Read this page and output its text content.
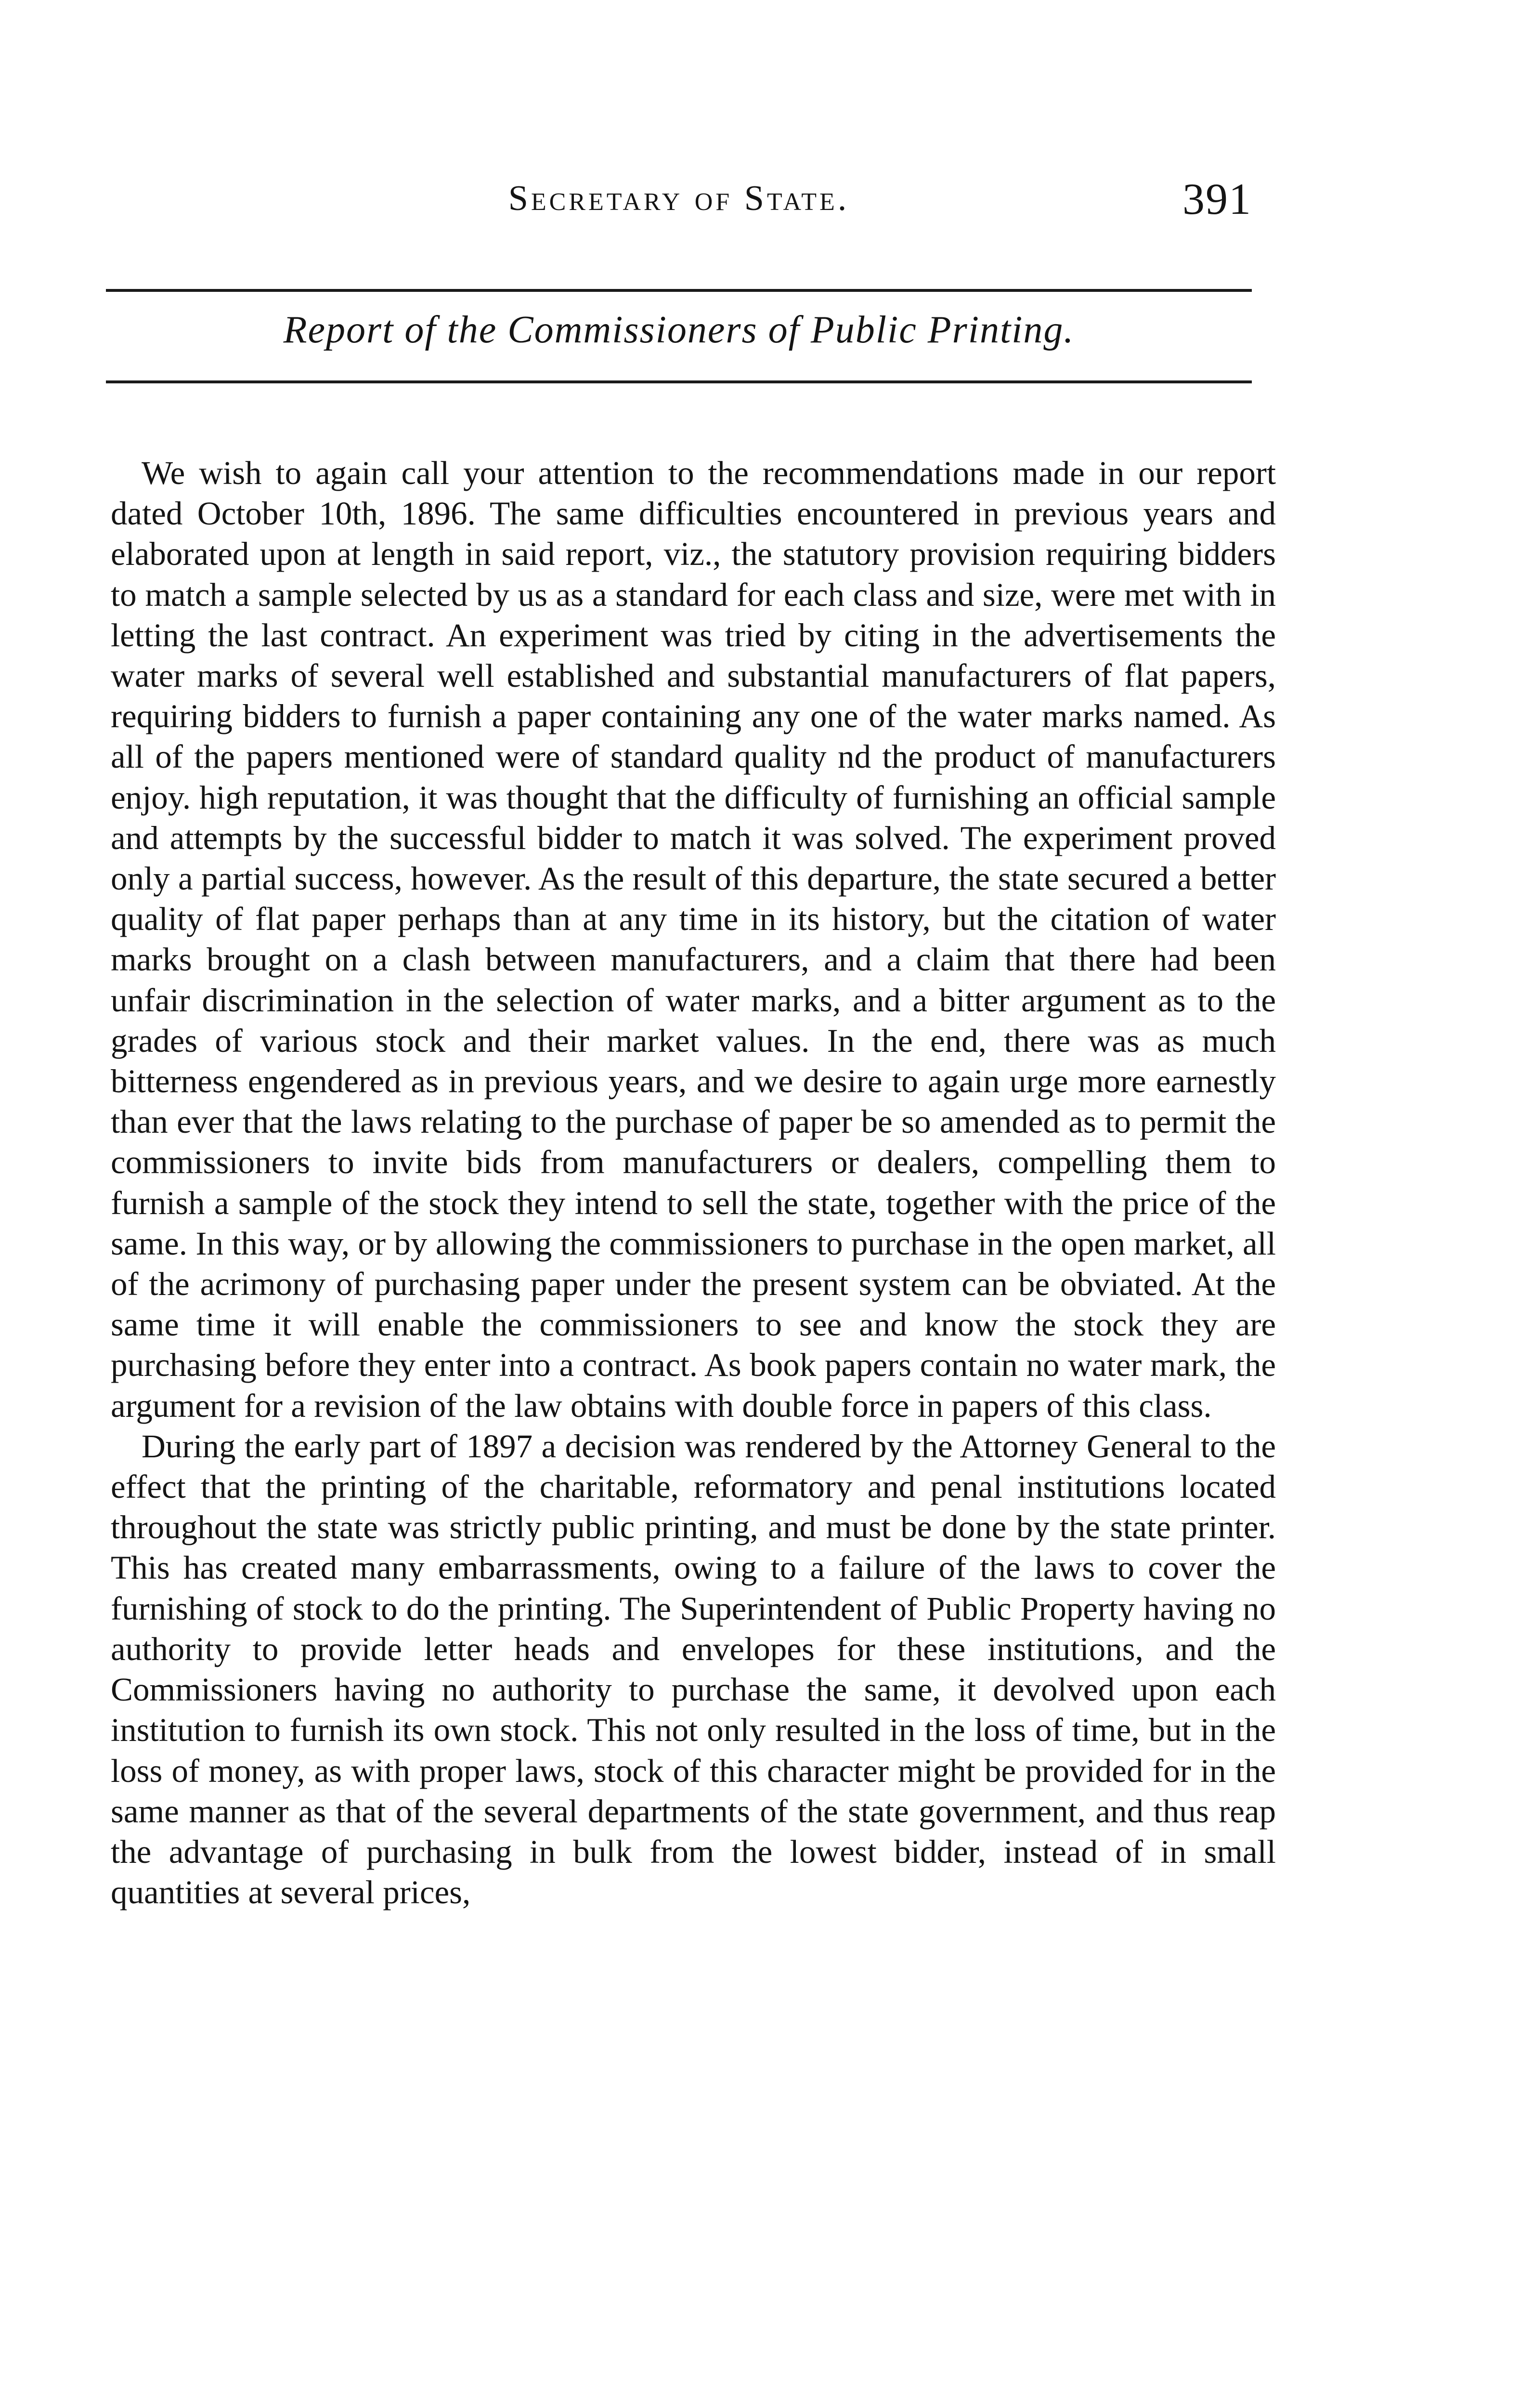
Secretary of State.	391
Report of the Commissioners of Public Printing.

We wish to again call your attention to the recommendations made in our report dated October 10th, 1896. The same difficulties encountered in previous years and elaborated upon at length in said report, viz., the statutory provision requiring bidders to match a sample selected by us as a standard for each class and size, were met with in letting the last contract. An experiment was tried by citing in the advertisements the water marks of several well established and substantial manufacturers of flat papers, requiring bidders to furnish a paper containing any one of the water marks named. As all of the papers mentioned were of standard quality nd the product of manufacturers enjoy. high reputation, it was thought that the difficulty of furnishing an official sample and attempts by the successful bidder to match it was solved. The experiment proved only a partial success, however. As the result of this departure, the state secured a better quality of flat paper perhaps than at any time in its history, but the citation of water marks brought on a clash between manufacturers, and a claim that there had been unfair discrimination in the selection of water marks, and a bitter argument as to the grades of various stock and their market values. In the end, there was as much bitterness engendered as in previous years, and we desire to again urge more earnestly than ever that the laws relating to the purchase of paper be so amended as to permit the commissioners to invite bids from manufacturers or dealers, compelling them to furnish a sample of the stock they intend to sell the state, together with the price of the same. In this way, or by allowing the commissioners to purchase in the open market, all of the acrimony of purchasing paper under the present system can be obviated. At the same time it will enable the commissioners to see and know the stock they are purchasing before they enter into a contract. As book papers contain no water mark, the argument for a revision of the law obtains with double force in papers of this class.

During the early part of 1897 a decision was rendered by the Attorney General to the effect that the printing of the charitable, reformatory and penal institutions located throughout the state was strictly public printing, and must be done by the state printer. This has created many embarrassments, owing to a failure of the laws to cover the furnishing of stock to do the printing. The Superintendent of Public Property having no authority to provide letter heads and envelopes for these institutions, and the Commissioners having no authority to purchase the same, it devolved upon each institution to furnish its own stock. This not only resulted in the loss of time, but in the loss of money, as with proper laws, stock of this character might be provided for in the same manner as that of the several departments of the state government, and thus reap the advantage of purchasing in bulk from the lowest bidder, instead of in small quantities at several prices,
